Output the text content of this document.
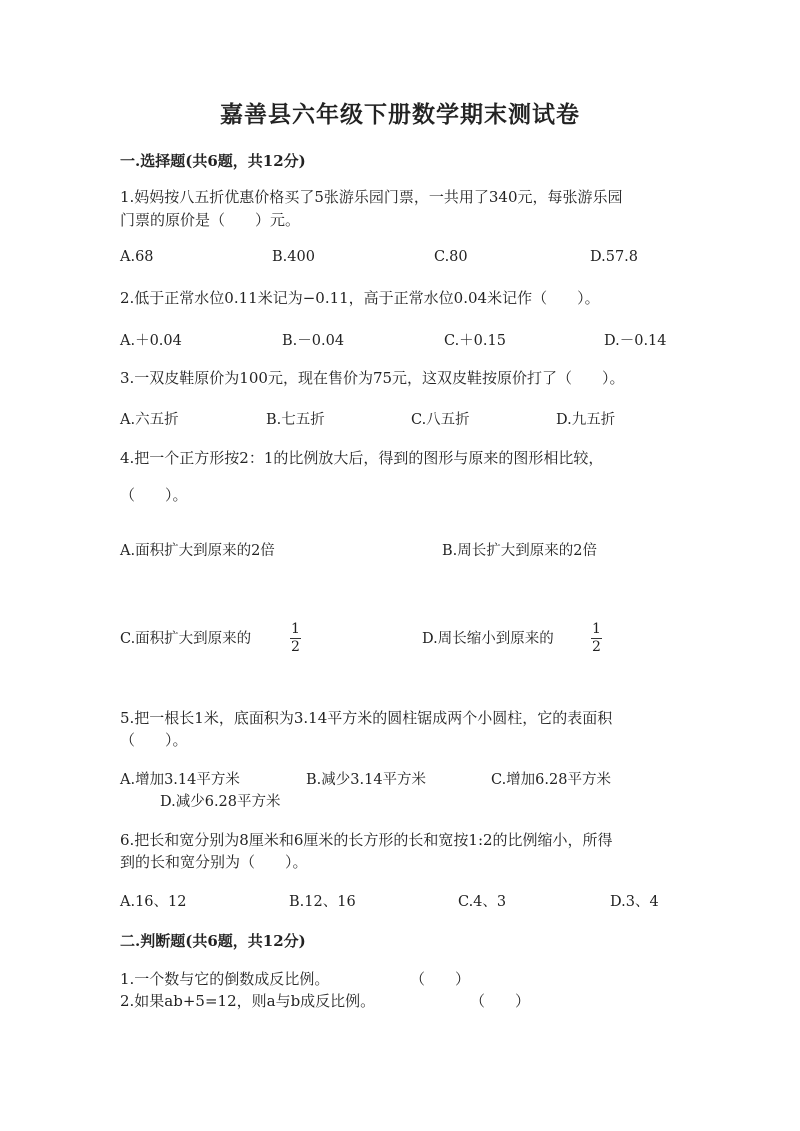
嘉善县六年级下册数学期末测试卷
一.选择题(共6题，共12分)
1.妈妈按八五折优惠价格买了5张游乐园门票，一共用了340元，每张游乐园
门票的原价是（　　）元。
A.68	B.400	C.80	D.57.8
2.低于正常水位0.11米记为−0.11，高于正常水位0.04米记作（　　）。
A.＋0.04	B.－0.04	C.＋0.15	D.－0.14
3.一双皮鞋原价为100元，现在售价为75元，这双皮鞋按原价打了（　　）。
A.六五折	B.七五折	C.八五折	D.九五折
4.把一个正方形按2：1的比例放大后，得到的图形与原来的图形相比较，
（　　）。
A.面积扩大到原来的2倍	B.周长扩大到原来的2倍
C.面积扩大到原来的
1
2	D.周长缩小到原来的
1
2
5.把一根长1米，底面积为3.14平方米的圆柱锯成两个小圆柱，它的表面积
（　　）。
A.增加3.14平方米	B.减少3.14平方米	C.增加6.28平方米
D.减少6.28平方米
6.把长和宽分别为8厘米和6厘米的长方形的长和宽按1:2的比例缩小，所得
到的长和宽分别为（　　）。
A.16、12	B.12、16	C.4、3	D.3、4
二.判断题(共6题，共12分)
1.一个数与它的倒数成反比例。	（　　）
2.如果ab+5=12，则a与b成反比例。	（　　）
